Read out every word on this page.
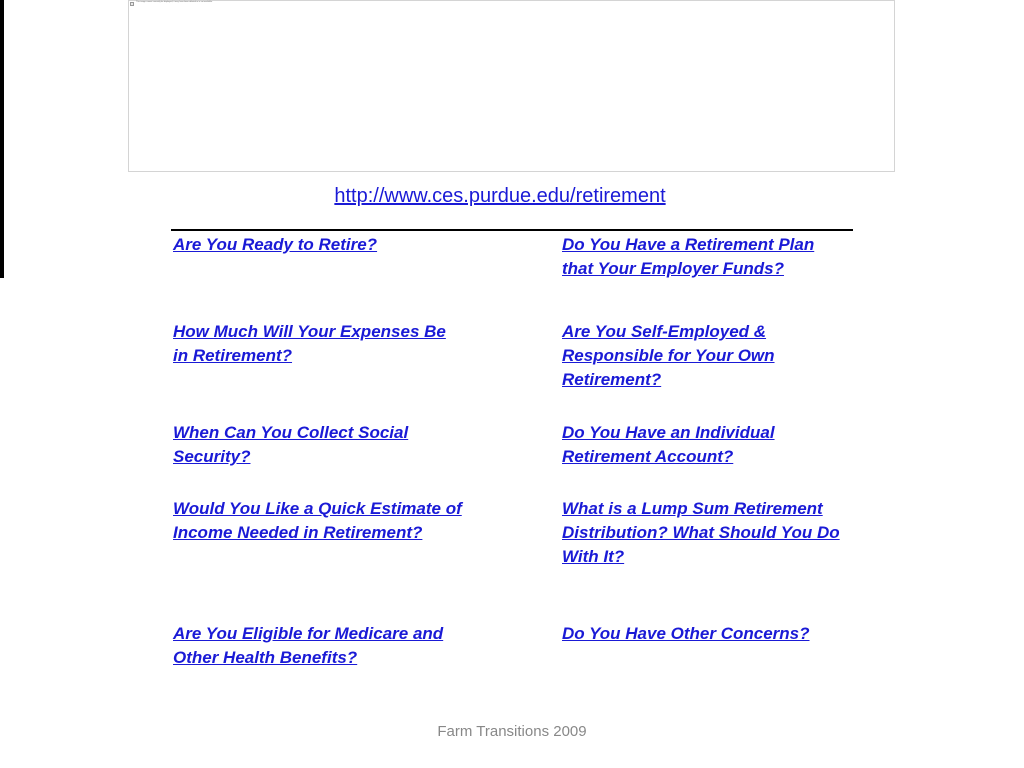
This image cannot currently be displayed; it may have been deleted or is not available.
http://www.ces.purdue.edu/retirement
Are You Ready to Retire?
How Much Will Your Expenses Be in Retirement?
When Can You Collect Social Security?
Would You Like a Quick Estimate of Income Needed in Retirement?
Are You Eligible for Medicare and Other Health Benefits?
Do You Have a Retirement Plan that Your Employer Funds?
Are You Self-Employed & Responsible for Your Own Retirement?
Do You Have an Individual Retirement Account?
What is a Lump Sum Retirement Distribution? What Should You Do With It?
Do You Have Other Concerns?
Farm Transitions 2009
